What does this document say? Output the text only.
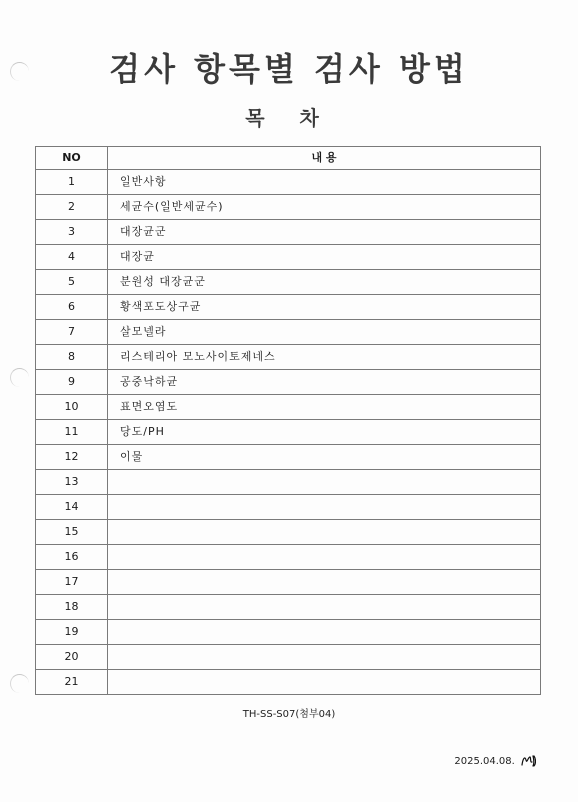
검사 항목별 검사 방법
목 차
NO	내 용
1	일반사항
2	세균수(일반세균수)
3	대장균군
4	대장균
5	분원성 대장균군
6	황색포도상구균
7	살모넬라
8	리스테리아 모노사이토제네스
9	공중낙하균
10	표면오염도
11	당도/PH
12	이물
13	
14	
15	
16	
17	
18	
19	
20	
21	
TH-SS-S07(첨부04)
2025.04.08.
